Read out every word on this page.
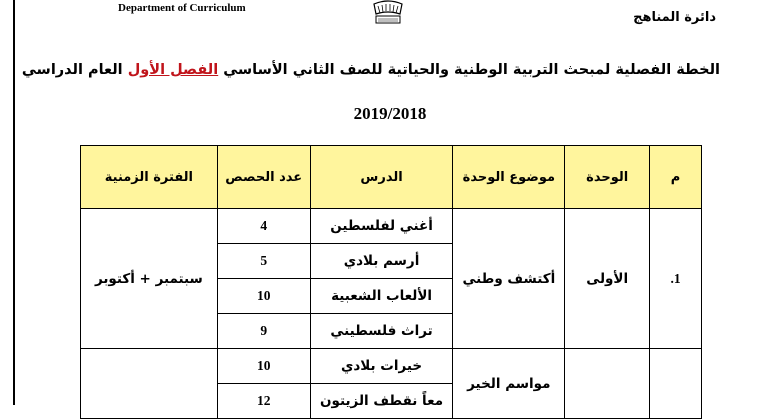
Department of Curriculum
دائرة المناهج
الخطة الفصلية لمبحث التربية الوطنية والحياتية للصف الثاني الأساسي الفصل الأول العام الدراسي
2019/2018
م	الوحدة	موضوع الوحدة	الدرس	عدد الحصص	الفترة الزمنية
1.	الأولى	أكتشف وطني	أغني لفلسطين	4	سبتمبر + أكتوبر
			أرسم بلادي	5	
			الألعاب الشعبية	10	
			تراث فلسطيني	9	
		مواسم الخير	خيرات بلادي	10	
			معاً نقطف الزيتون	12	
